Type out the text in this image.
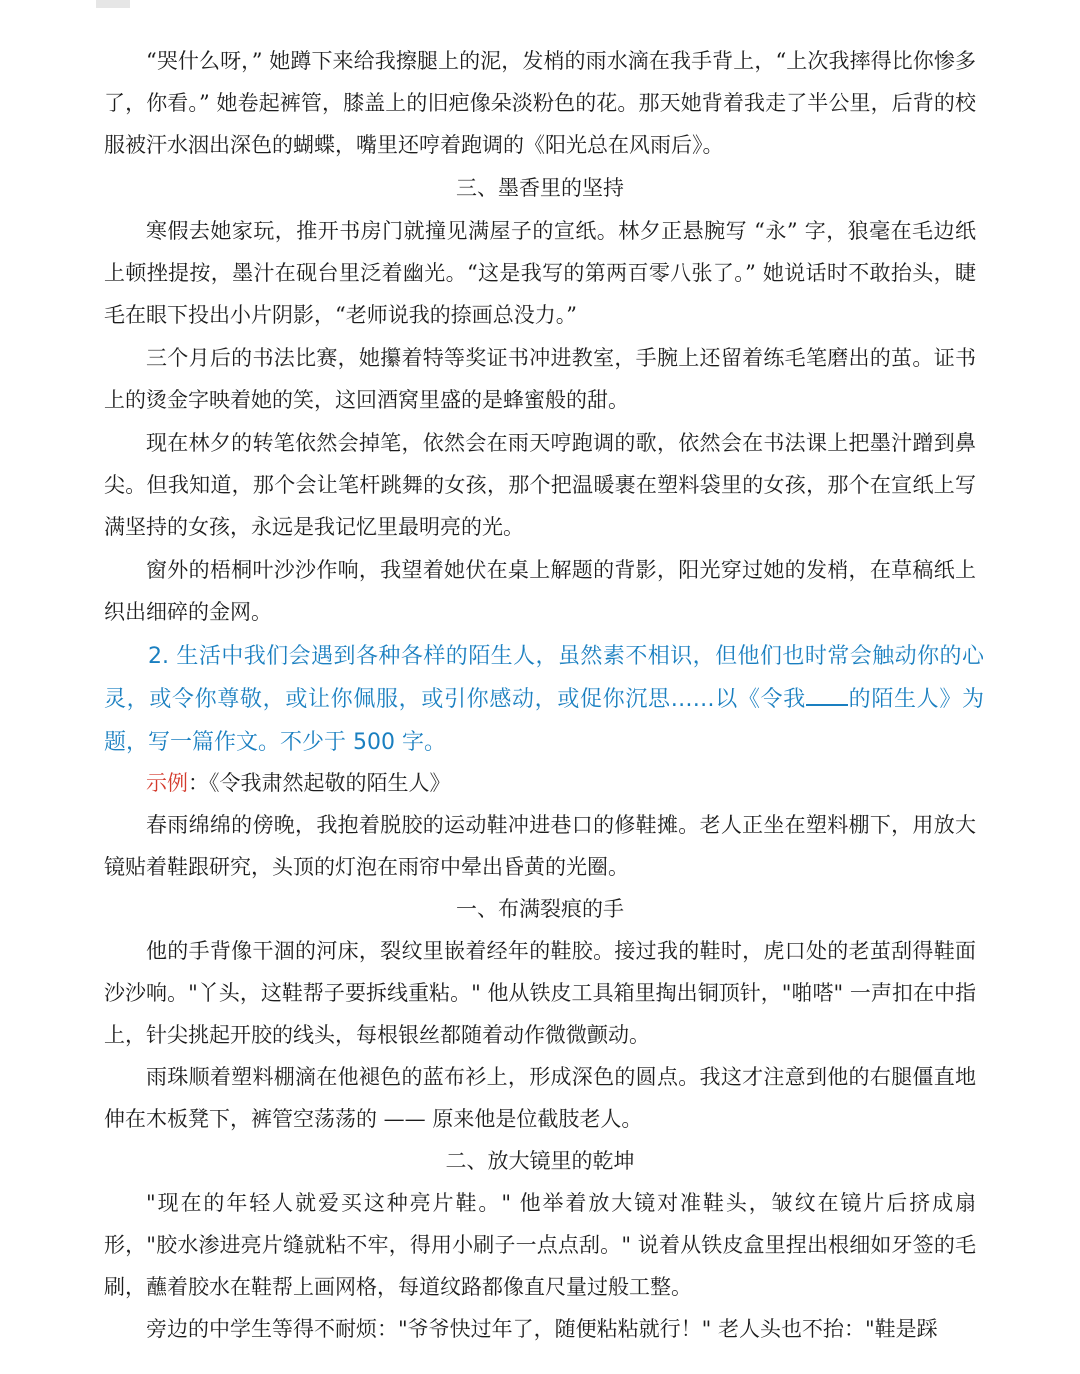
“哭什么呀，” 她蹲下来给我擦腿上的泥，发梢的雨水滴在我手背上，“上次我摔得比你惨多了，你看。” 她卷起裤管，膝盖上的旧疤像朵淡粉色的花。那天她背着我走了半公里，后背的校服被汗水洇出深色的蝴蝶，嘴里还哼着跑调的《阳光总在风雨后》。

三、墨香里的坚持

寒假去她家玩，推开书房门就撞见满屋子的宣纸。林夕正悬腕写 “永” 字，狼毫在毛边纸上顿挫提按，墨汁在砚台里泛着幽光。“这是我写的第两百零八张了。” 她说话时不敢抬头，睫毛在眼下投出小片阴影，“老师说我的捺画总没力。”

三个月后的书法比赛，她攥着特等奖证书冲进教室，手腕上还留着练毛笔磨出的茧。证书上的烫金字映着她的笑，这回酒窝里盛的是蜂蜜般的甜。

现在林夕的转笔依然会掉笔，依然会在雨天哼跑调的歌，依然会在书法课上把墨汁蹭到鼻尖。但我知道，那个会让笔杆跳舞的女孩，那个把温暖裹在塑料袋里的女孩，那个在宣纸上写满坚持的女孩，永远是我记忆里最明亮的光。

窗外的梧桐叶沙沙作响，我望着她伏在桌上解题的背影，阳光穿过她的发梢，在草稿纸上织出细碎的金网。

2. 生活中我们会遇到各种各样的陌生人，虽然素不相识，但他们也时常会触动你的心灵，或令你尊敬，或让你佩服，或引你感动，或促你沉思……以《令我 的陌生人》为题，写一篇作文。不少于 500 字。

示例：《令我肃然起敬的陌生人》

春雨绵绵的傍晚，我抱着脱胶的运动鞋冲进巷口的修鞋摊。老人正坐在塑料棚下，用放大镜贴着鞋跟研究，头顶的灯泡在雨帘中晕出昏黄的光圈。

一、布满裂痕的手

他的手背像干涸的河床，裂纹里嵌着经年的鞋胶。接过我的鞋时，虎口处的老茧刮得鞋面沙沙响。"丫头，这鞋帮子要拆线重粘。" 他从铁皮工具箱里掏出铜顶针，"啪嗒" 一声扣在中指上，针尖挑起开胶的线头，每根银丝都随着动作微微颤动。

雨珠顺着塑料棚滴在他褪色的蓝布衫上，形成深色的圆点。我这才注意到他的右腿僵直地伸在木板凳下，裤管空荡荡的 —— 原来他是位截肢老人。

二、放大镜里的乾坤

"现在的年轻人就爱买这种亮片鞋。" 他举着放大镜对准鞋头，皱纹在镜片后挤成扇形，"胶水渗进亮片缝就粘不牢，得用小刷子一点点刮。" 说着从铁皮盒里捏出根细如牙签的毛刷，蘸着胶水在鞋帮上画网格，每道纹路都像直尺量过般工整。

旁边的中学生等得不耐烦："爷爷快过年了，随便粘粘就行！" 老人头也不抬："鞋是踩
